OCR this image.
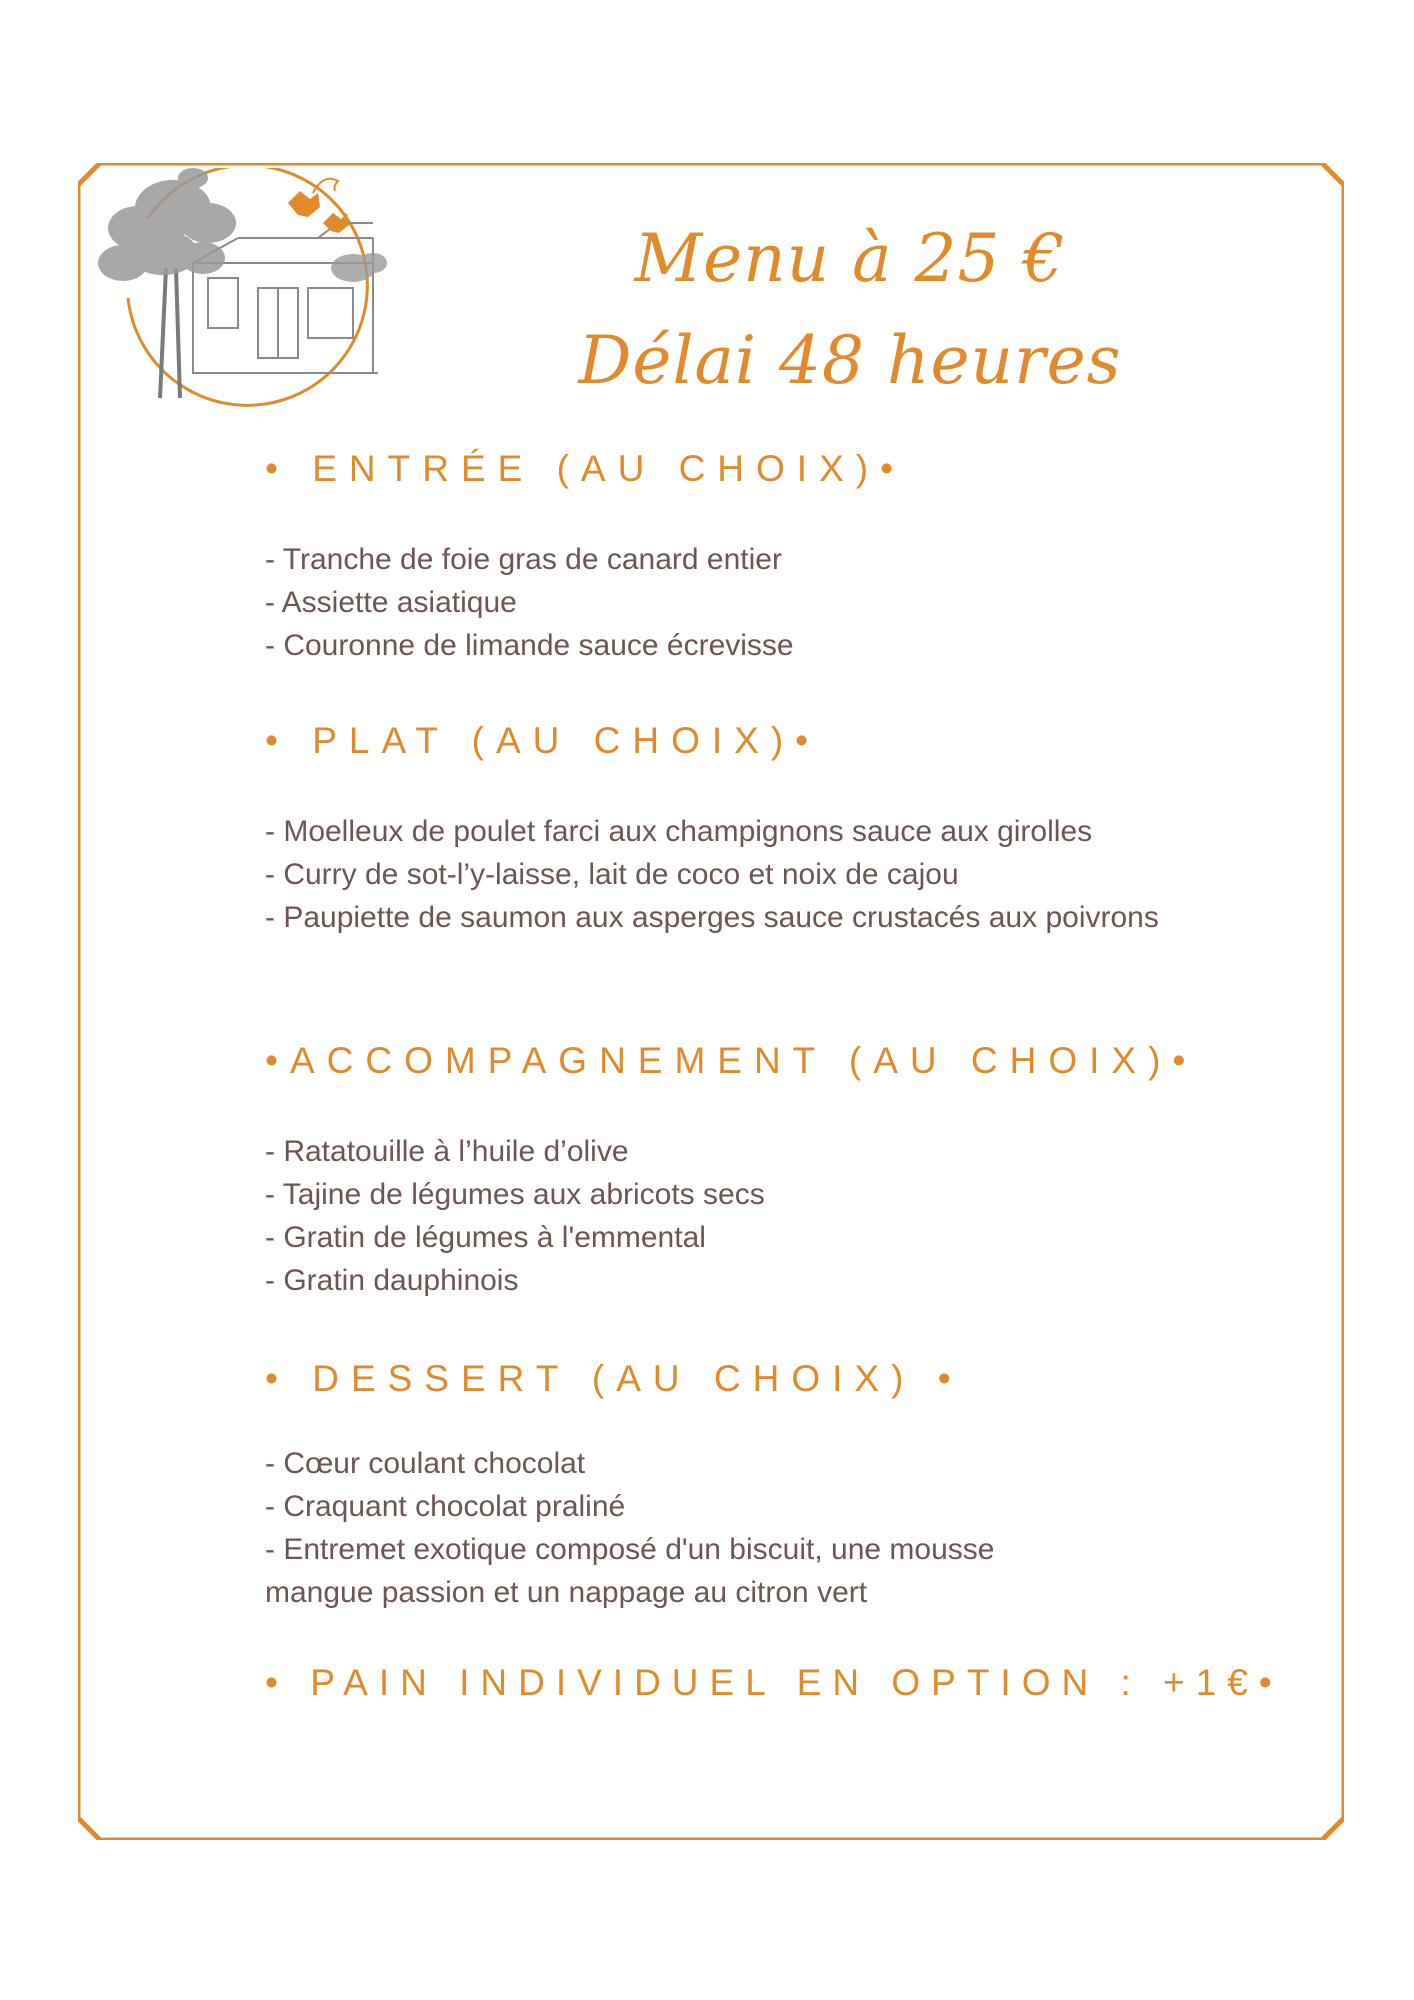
Menu à 25 €
Délai 48 heures
• ENTRÉE (AU CHOIX)•
- Tranche de foie gras de canard entier
- Assiette asiatique
- Couronne de limande sauce écrevisse
• PLAT (AU CHOIX)•
- Moelleux de poulet farci aux champignons sauce aux girolles
- Curry de sot-l’y-laisse, lait de coco et noix de cajou
- Paupiette de saumon aux asperges sauce crustacés aux poivrons
•ACCOMPAGNEMENT (AU CHOIX)•
- Ratatouille à l’huile d’olive
- Tajine de légumes aux abricots secs
- Gratin de légumes à l'emmental
- Gratin dauphinois
• DESSERT (AU CHOIX) •
- Cœur coulant chocolat
- Craquant chocolat praliné
- Entremet exotique composé d'un biscuit, une mousse
mangue passion et un nappage au citron vert
• PAIN INDIVIDUEL EN OPTION : +1€•
